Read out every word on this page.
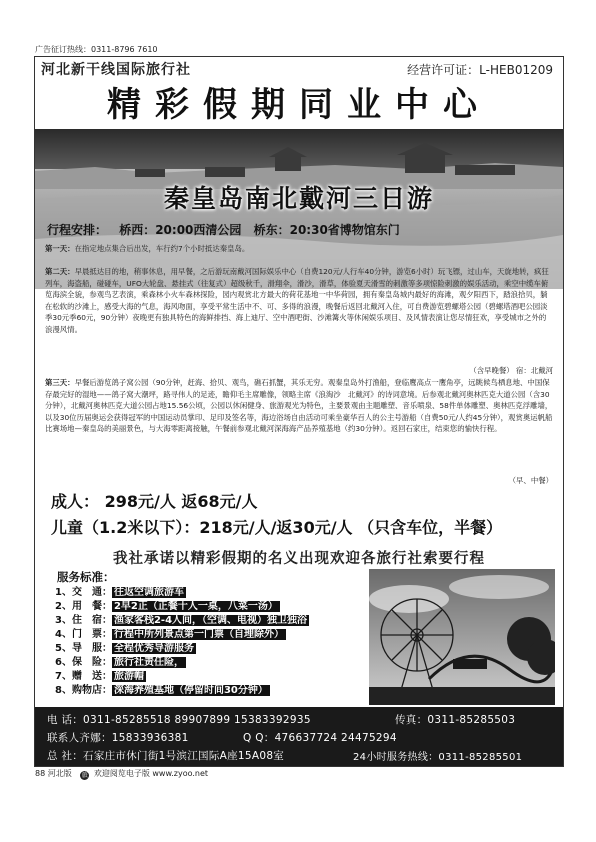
广告征订热线：0311-8796 7610
河北新干线国际旅行社	经营许可证：L-HEB01209
精彩假期同业中心
秦皇岛南北戴河三日游
行程安排： 桥西：20:00西清公园 桥东：20:30省博物馆东门
第一天：在指定地点集合后出发，车行约7个小时抵达秦皇岛。
第二天：早晨抵达目的地，稍事休息，用早餐，之后游玩南戴河国际娱乐中心（自费120元/人行车40分钟，游览6小时）玩飞镖，过山车，天旋地转，疯狂列车，海盗船，碰碰车，UFO大轮盘、悬挂式（往复式）超级秋千，滑翔伞，滑沙，滑草，体验夏天滑雪的刺激等多项惊险刺激的娱乐活动，乘空中缆车俯览海滨全貌，参观鸟艺表演，乘森林小火车森林探险，园内观赏北方最大的荷花基地一中华荷园，拥有秦皇岛城内最好的海滩，观夕阳西下，踏浪拾贝，躺在松软的沙滩上，感受大海的气息，海风吻面，享受平常生活中不、可、多得的浪漫，晚餐后返回北戴河入住，可自费游览碧螺塔公园（碧螺塔酒吧公园淡季30元季60元，90分钟）夜晚更有独具特色的海鲜排挡、海上迪厅、空中酒吧街、沙滩篝火等休闲娱乐项目、及风情表演让您尽情狂欢，享受城市之外的浪漫风情。
（含早晚餐） 宿：北戴河
第三天：早餐后游览鸽子窝公园（90分钟，赶海、拾贝、观鸟，礁石抓蟹，其乐无穷。观秦皇岛外打渔船，登临鹰高点一鹰角亭，远眺候鸟栖息地、中国保存最完好的湿地——鸽子窝大潮坪，路寻伟人的足迹，瞻仰毛主席雕像，领略主席《浪淘沙　北戴河》的诗词意境。后参观北戴河奥林匹克大道公园（含30分钟），北戴河奥林匹克大道公园占地15.56公顷，公园以休闲健身、旅游观光为特色，主要景观由主题雕塑、音乐喷泉、58件单体雕塑、奥林匹克浮雕墙，以及30位历届奥运会获得冠军的中国运动员掌印、足印及签名等，海边浴场自由活动可乘坐豪华百人的公主号游船（自费50元/人约45分钟），观赏奥运帆船比赛场地—秦皇岛的美丽景色，与大海零距离接触，午餐前参观北戴河深海海产品养殖基地（约30分钟）。返回石家庄，结束您的愉快行程。
（早、中餐）
成人： 298元/人 返68元/人
儿童（1.2米以下）：218元/人/返30元/人 （只含车位，半餐）
我社承诺以精彩假期的名义出现欢迎各旅行社索要行程
服务标准：
1、交　通： 往返空调旅游车
2、用　餐： 2早2正（正餐十人一桌，八菜一汤）
3、住　宿： 渔家客栈2-4人间，（空调、电视）独卫独浴
4、门　票： 行程中所列景点第一门票（自理除外）
5、导　服： 全程优秀导游服务
6、保　险： 旅行社责任险，
7、赠　送： 旅游帽
8、购物店： 深海养殖基地（停留时间30分钟）
电 话：0311-85285518 89907899 15383392935	传真：0311-85285503
联系人齐娜：15833936381	Q Q：476637724 24475294
总 社：石家庄市休门街1号滨江国际A座15A08室	24小时服务热线：0311-85285501
88 河北版 旅 欢迎阅览电子版 www.zyoo.net
